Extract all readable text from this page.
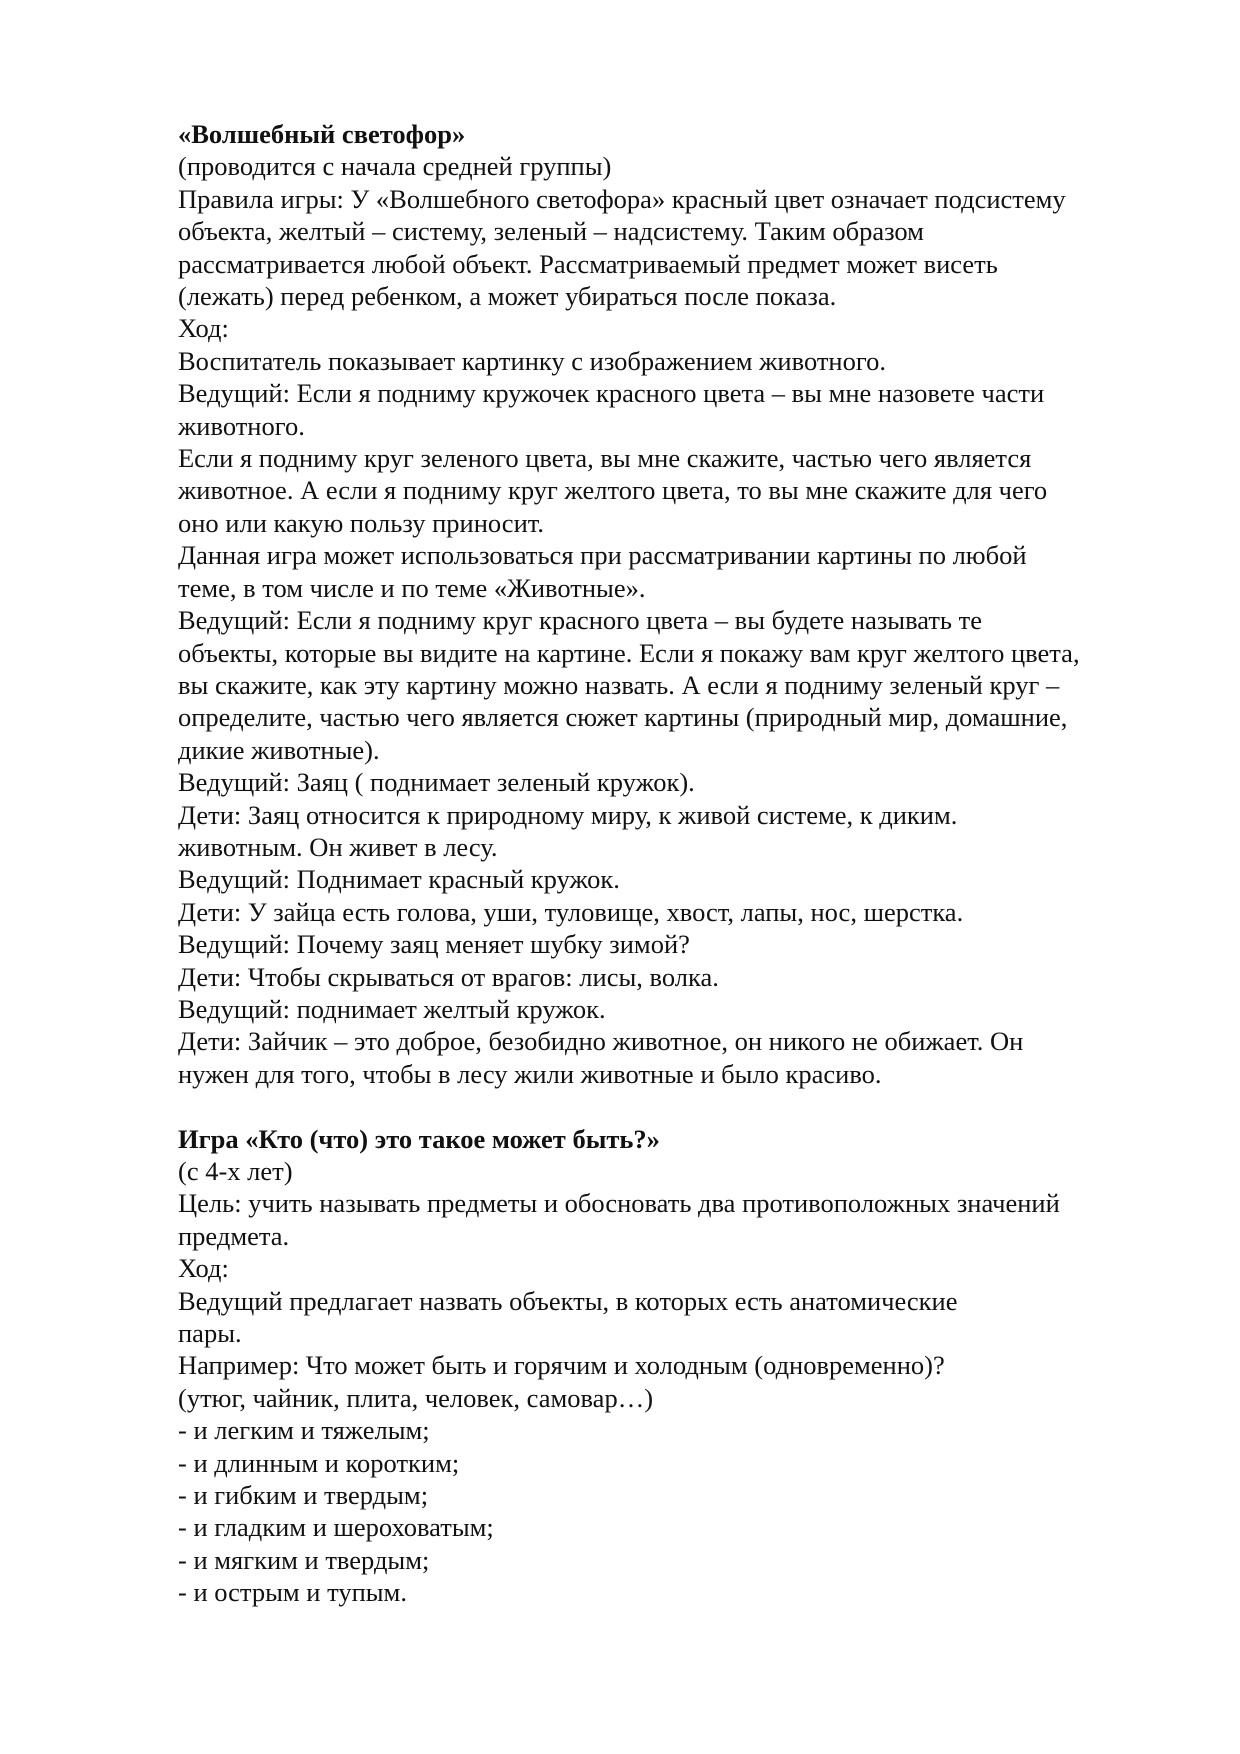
«Волшебный светофор»
(проводится с начала средней группы)
Правила игры: У «Волшебного светофора» красный цвет означает подсистему
объекта, желтый – систему, зеленый – надсистему. Таким образом
рассматривается любой объект. Рассматриваемый предмет может висеть
(лежать) перед ребенком, а может убираться после показа.
Ход:
Воспитатель показывает картинку с изображением животного.
Ведущий: Если я подниму кружочек красного цвета – вы мне назовете части
животного.
Если я подниму круг зеленого цвета, вы мне скажите, частью чего является
животное. А если я подниму круг желтого цвета, то вы мне скажите для чего
оно или какую пользу приносит.
Данная игра может использоваться при рассматривании картины по любой
теме, в том числе и по теме «Животные».
Ведущий: Если я подниму круг красного цвета – вы будете называть те
объекты, которые вы видите на картине. Если я покажу вам круг желтого цвета,
вы скажите, как эту картину можно назвать. А если я подниму зеленый круг –
определите, частью чего является сюжет картины (природный мир, домашние,
дикие животные).
Ведущий: Заяц ( поднимает зеленый кружок).
Дети: Заяц относится к природному миру, к живой системе, к диким.
животным. Он живет в лесу.
Ведущий: Поднимает красный кружок.
Дети: У зайца есть голова, уши, туловище, хвост, лапы, нос, шерстка.
Ведущий: Почему заяц меняет шубку зимой?
Дети: Чтобы скрываться от врагов: лисы, волка.
Ведущий: поднимает желтый кружок.
Дети: Зайчик – это доброе, безобидно животное, он никого не обижает. Он
нужен для того, чтобы в лесу жили животные и было красиво.
Игра «Кто (что) это такое может быть?»
(с 4-х лет)
Цель: учить называть предметы и обосновать два противоположных значений
предмета.
Ход:
Ведущий предлагает назвать объекты, в которых есть анатомические
пары.
Например: Что может быть и горячим и холодным (одновременно)?
(утюг, чайник, плита, человек, самовар…)
- и легким и тяжелым;
- и длинным и коротким;
- и гибким и твердым;
- и гладким и шероховатым;
- и мягким и твердым;
- и острым и тупым.
